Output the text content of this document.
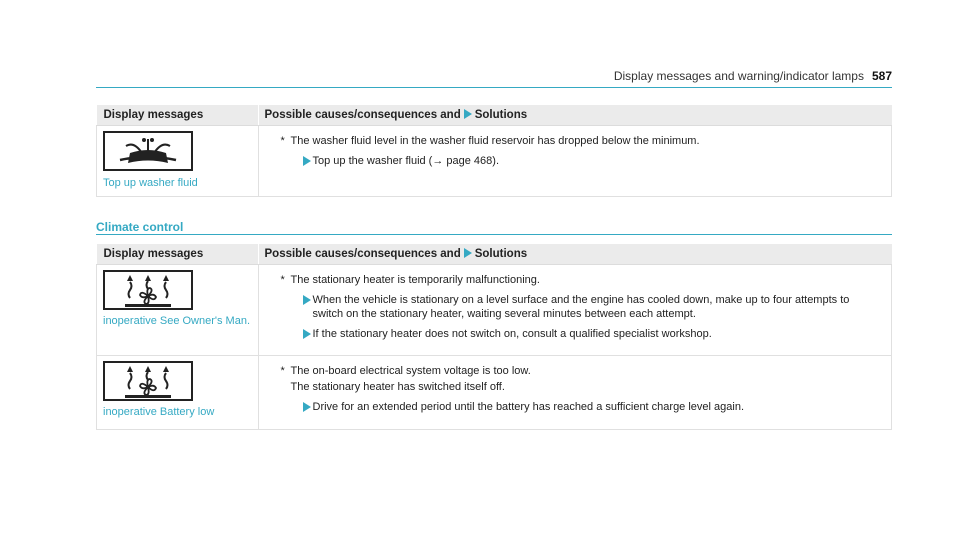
Display messages and warning/indicator lamps 587
Display messages	Possible causes/consequences and Solutions

Top up washer fluid	* The washer fluid level in the washer fluid reservoir has dropped below the minimum.
Top up the washer fluid (→ page 468).
Climate control
Display messages	Possible causes/consequences and Solutions

inoperative See Owner's Man.	* The stationary heater is temporarily malfunctioning.
When the vehicle is stationary on a level surface and the engine has cooled down, make up to four attempts to switch on the stationary heater, waiting several minutes between each attempt.
If the stationary heater does not switch on, consult a qualified specialist workshop.

inoperative Battery low	* The on-board electrical system voltage is too low.
The stationary heater has switched itself off.
Drive for an extended period until the battery has reached a sufficient charge level again.
